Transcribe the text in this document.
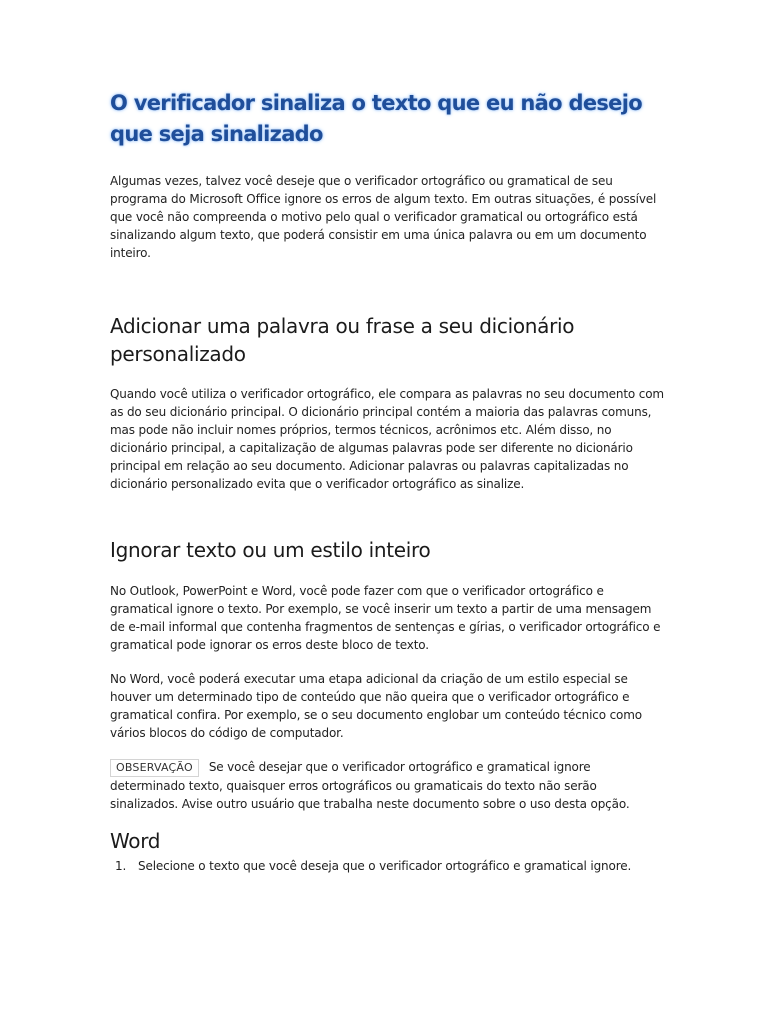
O verificador sinaliza o texto que eu não desejo que seja sinalizado

Algumas vezes, talvez você deseje que o verificador ortográfico ou gramatical de seu programa do Microsoft Office ignore os erros de algum texto. Em outras situações, é possível que você não compreenda o motivo pelo qual o verificador gramatical ou ortográfico está sinalizando algum texto, que poderá consistir em uma única palavra ou em um documento inteiro.

Adicionar uma palavra ou frase a seu dicionário personalizado

Quando você utiliza o verificador ortográfico, ele compara as palavras no seu documento com as do seu dicionário principal. O dicionário principal contém a maioria das palavras comuns, mas pode não incluir nomes próprios, termos técnicos, acrônimos etc. Além disso, no dicionário principal, a capitalização de algumas palavras pode ser diferente no dicionário principal em relação ao seu documento. Adicionar palavras ou palavras capitalizadas no dicionário personalizado evita que o verificador ortográfico as sinalize.

Ignorar texto ou um estilo inteiro

No Outlook, PowerPoint e Word, você pode fazer com que o verificador ortográfico e gramatical ignore o texto. Por exemplo, se você inserir um texto a partir de uma mensagem de e-mail informal que contenha fragmentos de sentenças e gírias, o verificador ortográfico e gramatical pode ignorar os erros deste bloco de texto.

No Word, você poderá executar uma etapa adicional da criação de um estilo especial se houver um determinado tipo de conteúdo que não queira que o verificador ortográfico e gramatical confira. Por exemplo, se o seu documento englobar um conteúdo técnico como vários blocos do código de computador.

OBSERVAÇÃO Se você desejar que o verificador ortográfico e gramatical ignore determinado texto, quaisquer erros ortográficos ou gramaticais do texto não serão sinalizados. Avise outro usuário que trabalha neste documento sobre o uso desta opção.

Word
1. Selecione o texto que você deseja que o verificador ortográfico e gramatical ignore.
